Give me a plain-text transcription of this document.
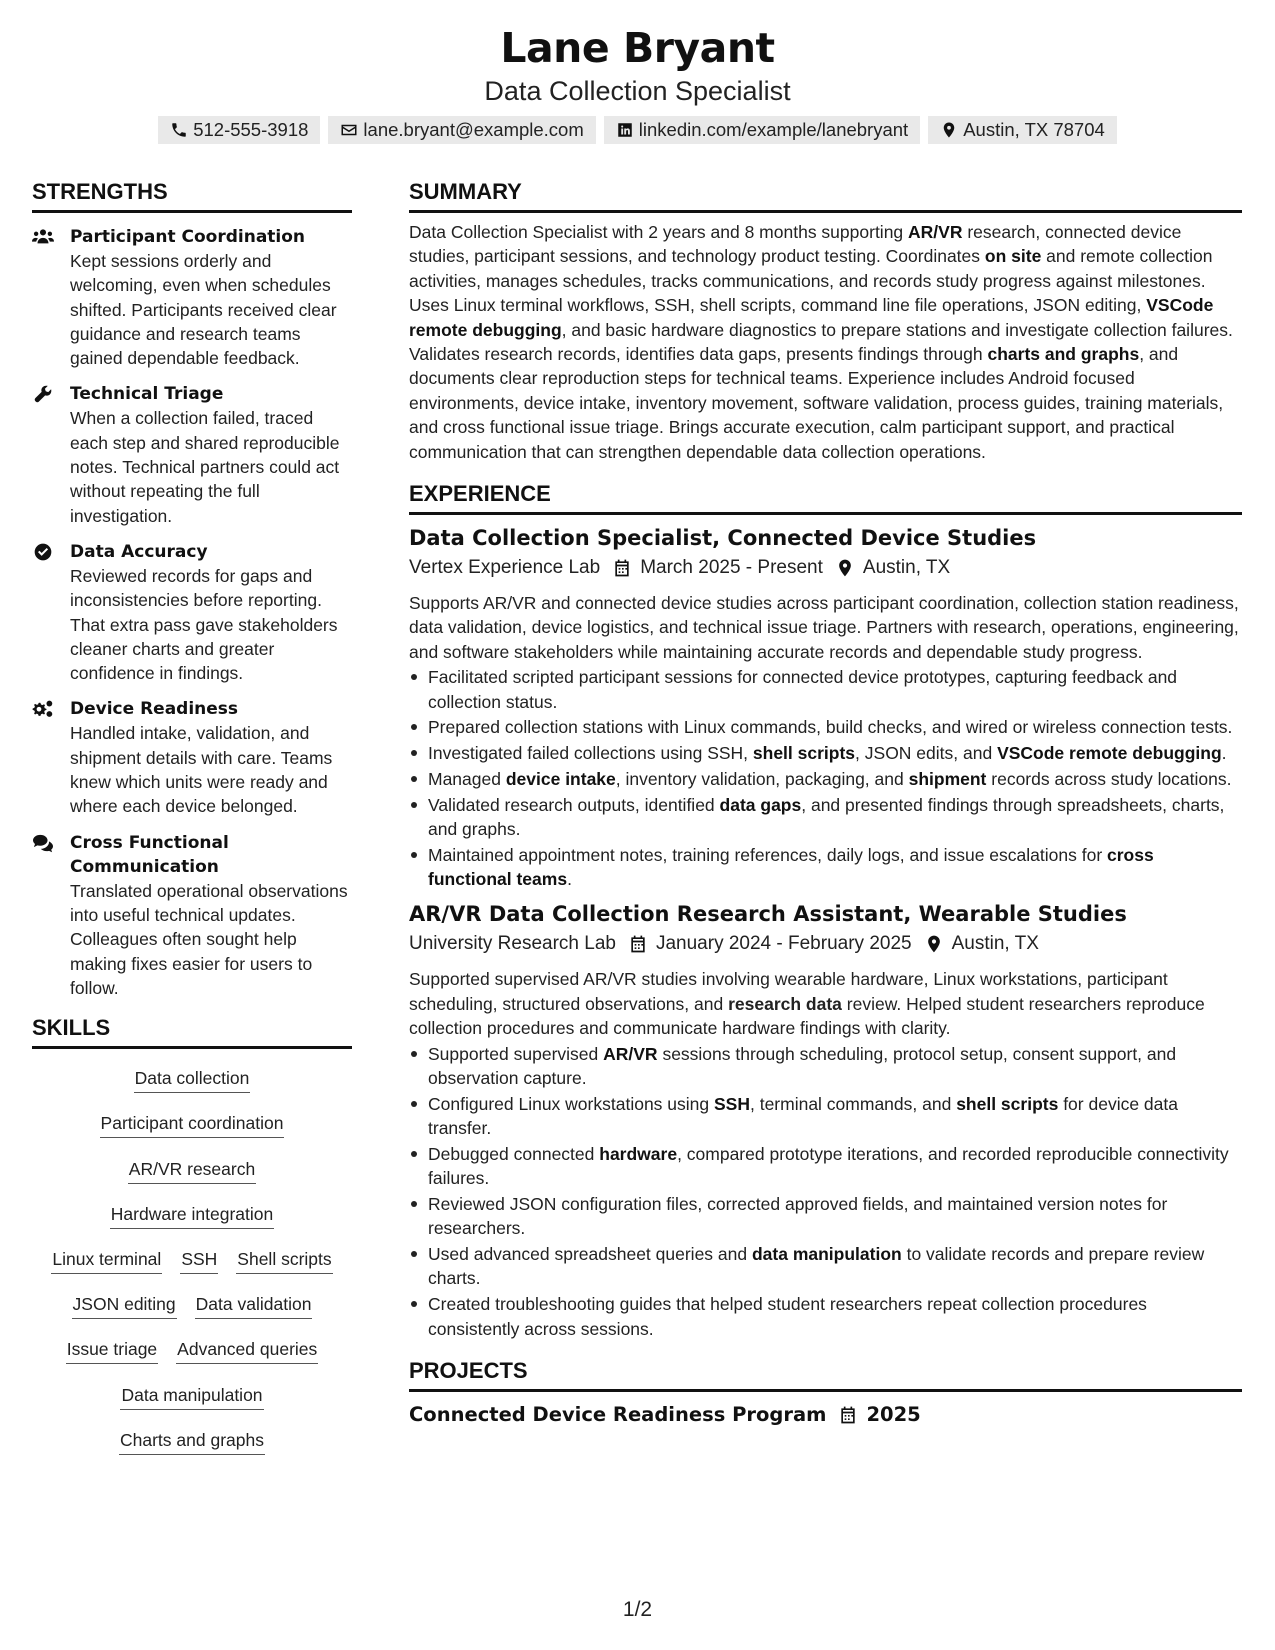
Lane Bryant
Data Collection Specialist
512-555-3918	lane.bryant@example.com	linkedin.com/example/lanebryant	Austin, TX 78704
STRENGTHS
Participant Coordination
Kept sessions orderly and welcoming, even when schedules shifted. Participants received clear guidance and research teams gained dependable feedback.
Technical Triage
When a collection failed, traced each step and shared reproducible notes. Technical partners could act without repeating the full investigation.
Data Accuracy
Reviewed records for gaps and inconsistencies before reporting. That extra pass gave stakeholders cleaner charts and greater confidence in findings.
Device Readiness
Handled intake, validation, and shipment details with care. Teams knew which units were ready and where each device belonged.
Cross Functional Communication
Translated operational observations into useful technical updates. Colleagues often sought help making fixes easier for users to follow.
SKILLS
Data collection
Participant coordination
AR/VR research
Hardware integration
Linux terminal SSH Shell scripts
JSON editing Data validation
Issue triage Advanced queries
Data manipulation
Charts and graphs
SUMMARY

Data Collection Specialist with 2 years and 8 months supporting AR/VR research, connected device studies, participant sessions, and technology product testing. Coordinates on site and remote collection activities, manages schedules, tracks communications, and records study progress against milestones. Uses Linux terminal workflows, SSH, shell scripts, command line file operations, JSON editing, VSCode remote debugging, and basic hardware diagnostics to prepare stations and investigate collection failures. Validates research records, identifies data gaps, presents findings through charts and graphs, and documents clear reproduction steps for technical teams. Experience includes Android focused environments, device intake, inventory movement, software validation, process guides, training materials, and cross functional issue triage. Brings accurate execution, calm participant support, and practical communication that can strengthen dependable data collection operations.

EXPERIENCE
Data Collection Specialist, Connected Device Studies
Vertex Experience Lab March 2025 - Present Austin, TX

Supports AR/VR and connected device studies across participant coordination, collection station readiness, data validation, device logistics, and technical issue triage. Partners with research, operations, engineering, and software stakeholders while maintaining accurate records and dependable study progress.

Facilitated scripted participant sessions for connected device prototypes, capturing feedback and collection status.
Prepared collection stations with Linux commands, build checks, and wired or wireless connection tests.
Investigated failed collections using SSH, shell scripts, JSON edits, and VSCode remote debugging.
Managed device intake, inventory validation, packaging, and shipment records across study locations.
Validated research outputs, identified data gaps, and presented findings through spreadsheets, charts, and graphs.
Maintained appointment notes, training references, daily logs, and issue escalations for cross functional teams.
AR/VR Data Collection Research Assistant, Wearable Studies
University Research Lab January 2024 - February 2025 Austin, TX

Supported supervised AR/VR studies involving wearable hardware, Linux workstations, participant scheduling, structured observations, and research data review. Helped student researchers reproduce collection procedures and communicate hardware findings with clarity.

Supported supervised AR/VR sessions through scheduling, protocol setup, consent support, and observation capture.
Configured Linux workstations using SSH, terminal commands, and shell scripts for device data transfer.
Debugged connected hardware, compared prototype iterations, and recorded reproducible connectivity failures.
Reviewed JSON configuration files, corrected approved fields, and maintained version notes for researchers.
Used advanced spreadsheet queries and data manipulation to validate records and prepare review charts.
Created troubleshooting guides that helped student researchers repeat collection procedures consistently across sessions.
PROJECTS
Connected Device Readiness Program 2025
1/2
